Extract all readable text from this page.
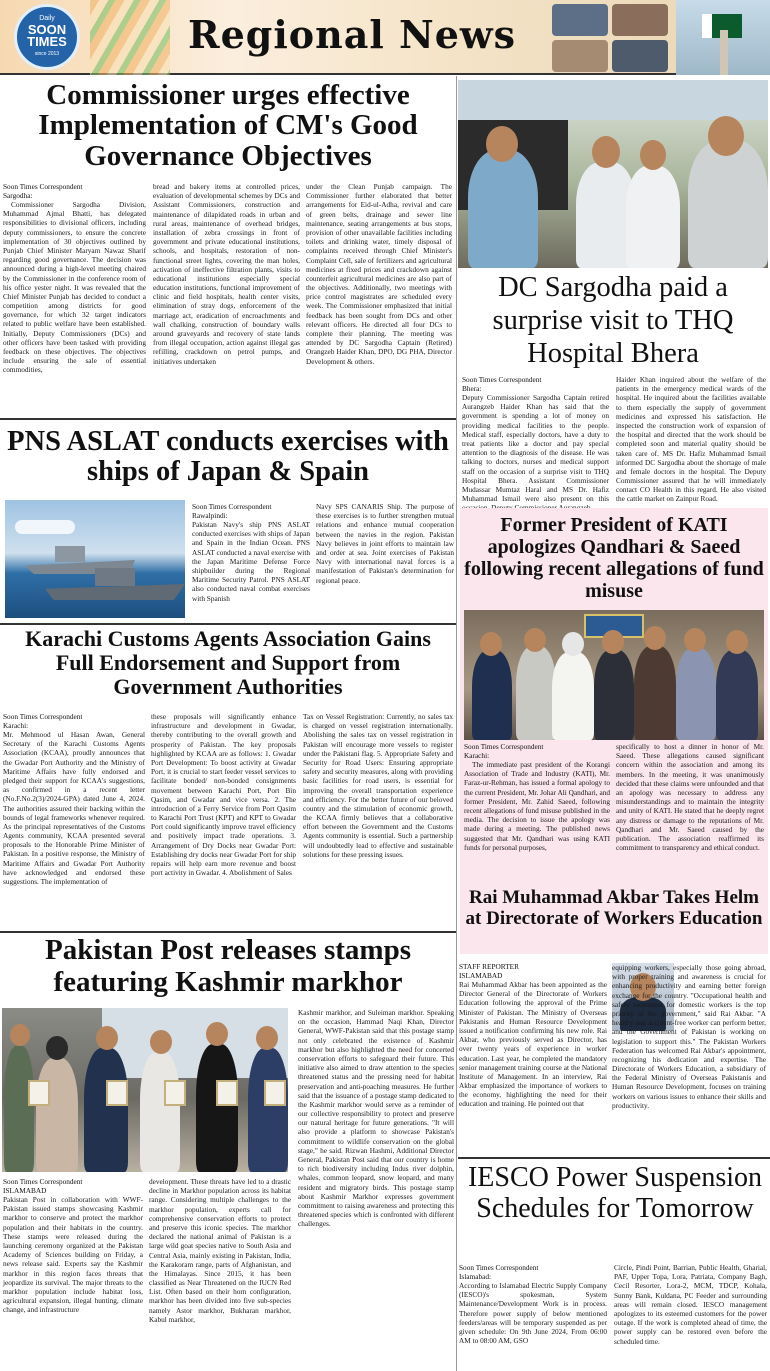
Daily
SOON TIMES
since 2013	Regional News
Commissioner urges effective Implementation of CM's Good Governance Objectives
Soon Times Correspondent
Sargodha:
Commissioner Sargodha Division, Muhammad Ajmal Bhatti, has delegated responsibilities to divisional officers, including deputy commissioners, to ensure the concrete implementation of 30 objectives outlined by Punjab Chief Minister Maryam Nawaz Sharif regarding good governance. The decision was announced during a high-level meeting chaired by the Commissioner in the conference room of his office yester night. It was revealed that the Chief Minister Punjab has decided to conduct a competition among districts for good governance, for which 32 target indicators related to public welfare have been established. Initially, Deputy Commissioners (DCs) and other officers have been tasked with providing feedback on these objectives. The objectives include ensuring the sale of essential commodities,
bread and bakery items at controlled prices, evaluation of developmental schemes by DCs and Assistant Commissioners, construction and maintenance of dilapidated roads in urban and rural areas, maintenance of overhead bridges, installation of zebra crossings in front of government and private educational institutions, schools, and hospitals, restoration of non-functional street lights, covering the man holes, activation of ineffective filtration plants, visits to educational institutions especially special education institutions, functional improvement of clinic and field hospitals, health center visits, elimination of stray dogs, enforcement of the marriage act, eradication of encroachments and wall chalking, construction of boundary walls around graveyards and recovery of state lands from illegal occupation, action against illegal gas refilling, crackdown on petrol pumps, and initiatives undertaken
under the Clean Punjab campaign. The Commissioner further elaborated that better arrangements for Eid-ul-Adha, revival and care of green belts, drainage and sewer line maintenance, seating arrangements at bus stops, provision of other unavailable facilities including toilets and drinking water, timely disposal of complaints received through Chief Minister's Complaint Cell, sale of fertilizers and agricultural medicines at fixed prices and crackdown against counterfeit agricultural medicines are also part of the objectives. Additionally, two meetings with price control magistrates are scheduled every week. The Commissioner emphasized that initial feedback has been sought from DCs and other relevant officers. He directed all four DCs to complete their planning. The meeting was attended by DC Sargodha Captain (Retired) Orangzeb Haider Khan, DPO, DG PHA, Director Development & others.
DC Sargodha paid a surprise visit to THQ Hospital Bhera
Soon Times Correspondent
Bhera:
Deputy Commissioner Sargodha Captain retired Aurangzeb Haider Khan has said that the government is spending a lot of money on providing medical facilities to the people. Medical staff, especially doctors, have a duty to treat patients like a doctor and pay special attention to the diagnosis of the disease. He was talking to doctors, nurses and medical support staff on the occasion of a surprise visit to THQ Hospital Bhera. Assistant Commissioner Mudassar Mumtaz Haral and MS Dr. Hafiz Muhammad Ismail were also present on this
Haider Khan inquired about the welfare of the patients in the emergency medical wards of the hospital. He inquired about the facilities available to them especially the supply of government medicines and expressed his satisfaction. He inspected the construction work of expansion of the hospital and directed that the work should be completed soon and material quality should be taken care of. MS Dr. Hafiz Muhammad Ismail informed DC Sargodha about the shortage of male and female doctors in the hospital. The Deputy Commissioner assured that he will immediately contact CO Health in this regard. He also visited the cattle market on Zainpur Road.
PNS ASLAT conducts exercises with ships of Japan & Spain
Soon Times Correspondent
Rawalpindi:
Pakistan Navy's ship PNS ASLAT conducted exercises with ships of Japan and Spain in the Indian Ocean. PNS ASLAT conducted a naval exercise with the Japan Maritime Defense Force shipbuilder during the Regional Maritime Security Patrol. PNS ASLAT also conducted naval combat exercises with Spanish
Navy SPS CANARIS Ship. The purpose of these exercises is to further strengthen mutual relations and enhance mutual cooperation between the navies in the region. Pakistan Navy believes in joint efforts to maintain law and order at sea. Joint exercises of Pakistan Navy with international naval forces is a manifestation of Pakistan's determination for regional peace.
Former President of KATI apologizes Qandhari & Saeed following recent allegations of fund misuse
Soon Times Correspondent
Karachi:
The immediate past president of the Korangi Association of Trade and Industry (KATI), Mr. Faraz-ur-Rehman, has issued a formal apology to the current President, Mr. Johar Ali Qandhari, and former President, Mr. Zahid Saeed, following recent allegations of fund misuse published in the media. The decision to issue the apology was made during a meeting. The published news suggested that Mr. Qandhari was using KATI funds for personal purposes,
specifically to host a dinner in honor of Mr. Saeed. These allegations caused significant concern within the association and among its members. In the meeting, it was unanimously decided that these claims were unfounded and that an apology was necessary to address any misunderstandings and to maintain the integrity and unity of KATI. He stated that he deeply regret any distress or damage to the reputations of Mr. Qandhari and Mr. Saeed caused by the publication. The association reaffirmed its commitment to transparency and ethical conduct.
Karachi Customs Agents Association Gains Full Endorsement and Support from Government Authorities
Soon Times Correspondent
Karachi:
Mr. Mehmood ul Hasan Awan, General Secretary of the Karachi Customs Agents Association (KCAA), proudly announces that the Gwadar Port Authority and the Ministry of Maritime Affairs have fully endorsed and pledged their support for KCAA's suggestions, as confirmed in a recent letter (No.F.No.2(3)/2024-GPA) dated June 4, 2024. The authorities assured their backing within the bounds of legal frameworks whenever required. As the principal representatives of the Customs Agents community, KCAA presented several proposals to the Honorable Prime Minister of Pakistan. In a positive response, the Ministry of Maritime Affairs and Gwadar Port Authority have acknowledged and endorsed these suggestions. The implementation of
these proposals will significantly enhance infrastructure and development in Gwadar, thereby contributing to the overall growth and prosperity of Pakistan. The key proposals highlighted by KCAA are as follows: 1. Gwadar Port Development: To boost activity at Gwadar Port, it is crucial to start feeder vessel services to facilitate bonded/ non-bonded consignments movement between Karachi Port, Port Bin Qasim, and Gwadar and vice versa. 2. The introduction of a Ferry Service from Port Qasim to Karachi Port Trust (KPT) and KPT to Gwadar Port could significantly improve travel efficiency and positively impact trade operations. 3. Arrangement of Dry Docks near Gwadar Port: Establishing dry docks near Gwadar Port for ship repairs will help earn more revenue and boost port activity in Gwadar. 4. Abolishment of Sales
Tax on Vessel Registration: Currently, no sales tax is charged on vessel registration internationally. Abolishing the sales tax on vessel registration in Pakistan will encourage more vessels to register under the Pakistani flag. 5. Appropriate Safety and Security for Road Users: Ensuring appropriate safety and security measures, along with providing basic facilities for road users, is essential for improving the overall transportation experience and efficiency. For the better future of our beloved country and the stimulation of economic growth, the KCAA firmly believes that a collaborative effort between the Government and the Customs Agents community is essential. Such a partnership will undoubtedly lead to effective and sustainable solutions for these pressing issues.
Rai Muhammad Akbar Takes Helm at Directorate of Workers Education
STAFF REPORTER
ISLAMABAD
Rai Muhammad Akbar has been appointed as the Director General of the Directorate of Workers Education following the approval of the Prime Minister of Pakistan. The Ministry of Overseas Pakistanis and Human Resource Development issued a notification confirming his new role. Rai Akbar, who previously served as Director, has over twenty years of experience in worker education. Last year, he completed the mandatory senior management training course at the National Institute of Management. In an interview, Rai Akbar emphasized the importance of workers to the economy, highlighting the need for their education and training. He pointed out that
equipping workers, especially those going abroad, with proper training and awareness is crucial for enhancing productivity and earning better foreign exchange for the country. "Occupational health and safety awareness for domestic workers is the top priority of the government," said Rai Akbar. "A healthy and accident-free worker can perform better, and the Government of Pakistan is working on legislation to support this." The Pakistan Workers Federation has welcomed Rai Akbar's appointment, recognizing his dedication and expertise. The Directorate of Workers Education, a subsidiary of the Federal Ministry of Overseas Pakistanis and Human Resource Development, focuses on training workers on various issues to enhance their skills and productivity.
Pakistan Post releases stamps featuring Kashmir markhor
Soon Times Correspondent
ISLAMABAD
Pakistan Post in collaboration with WWF-Pakistan issued stamps showcasing Kashmir markhor to conserve and protect the markhor population and their habitats in the country. These stamps were released during the launching ceremony organized at the Pakistan Academy of Sciences building on Friday, a news release said. Experts say the Kashmir markhor in this region faces threats that jeopardize its survival. The major threats to the markhor population include habitat loss, agricultural expansion, illegal hunting, climate change, and infrastructure
development. These threats have led to a drastic decline in Markhor population across its habitat range. Considering multiple challenges to the markhor population, experts call for comprehensive conservation efforts to protect and preserve this iconic species. The markhor declared the national animal of Pakistan is a large wild goat species native to South Asia and Central Asia, mainly existing in Pakistan, India, the Karakoram range, parts of Afghanistan, and the Himalayas. Since 2015, it has been classified as Near Threatened on the IUCN Red List. Often based on their horn configuration, markhor has been divided into five sub-species namely Astor markhor, Bukharan markhor, Kabul markhor,
Kashmir markhor, and Suleiman markhor. Speaking on the occasion, Hammad Naqi Khan, Director General, WWF-Pakistan said that this postage stamp not only celebrated the existence of Kashmir markhor but also highlighted the need for concerted conservation efforts to safeguard their future. This initiative also aimed to draw attention to the species threatened status and the pressing need for habitat preservation and anti-poaching measures. He further said that the issuance of a postage stamp dedicated to the Kashmir markhor would serve as a reminder of our collective responsibility to protect and preserve our natural heritage for future generations. "It will also provide a platform to showcase Pakistan's commitment to wildlife conservation on the global stage," he said. Rizwan Hashmi, Additional Director General, Pakistan Post said that our country is home to rich biodiversity including Indus river dolphin, whales, common leopard, snow leopard, and many resident and migratory birds. This postage stamp about Kashmir Markhor expresses government commitment to raising awareness and protecting this threatened species which is confronted with different challenges.
IESCO Power Suspension Schedules for Tomorrow
Soon Times Correspondent
Islamabad:
According to Islamabad Electric Supply Company (IESCO)'s spokesman, System Maintenance/Development Work is in process. Therefore power supply of below mentioned feeders/areas will be temporary suspended as per given schedule: On 9th June 2024, From 06:00 AM to 08:00 AM, GSO
Circle, Pindi Point, Barrian, Public Health, Gharial, PAF, Upper Topa, Lora, Patriata, Company Bagh, Cecil Resorter, Lora-2, MCM, TDCP, Kohala, Sunny Bank, Kuldana, PC Feeder and surrounding areas will remain closed. IESCO management apologizes to its esteemed customers for the power outage. If the work is completed ahead of time, the power supply can be restored even before the scheduled time.
